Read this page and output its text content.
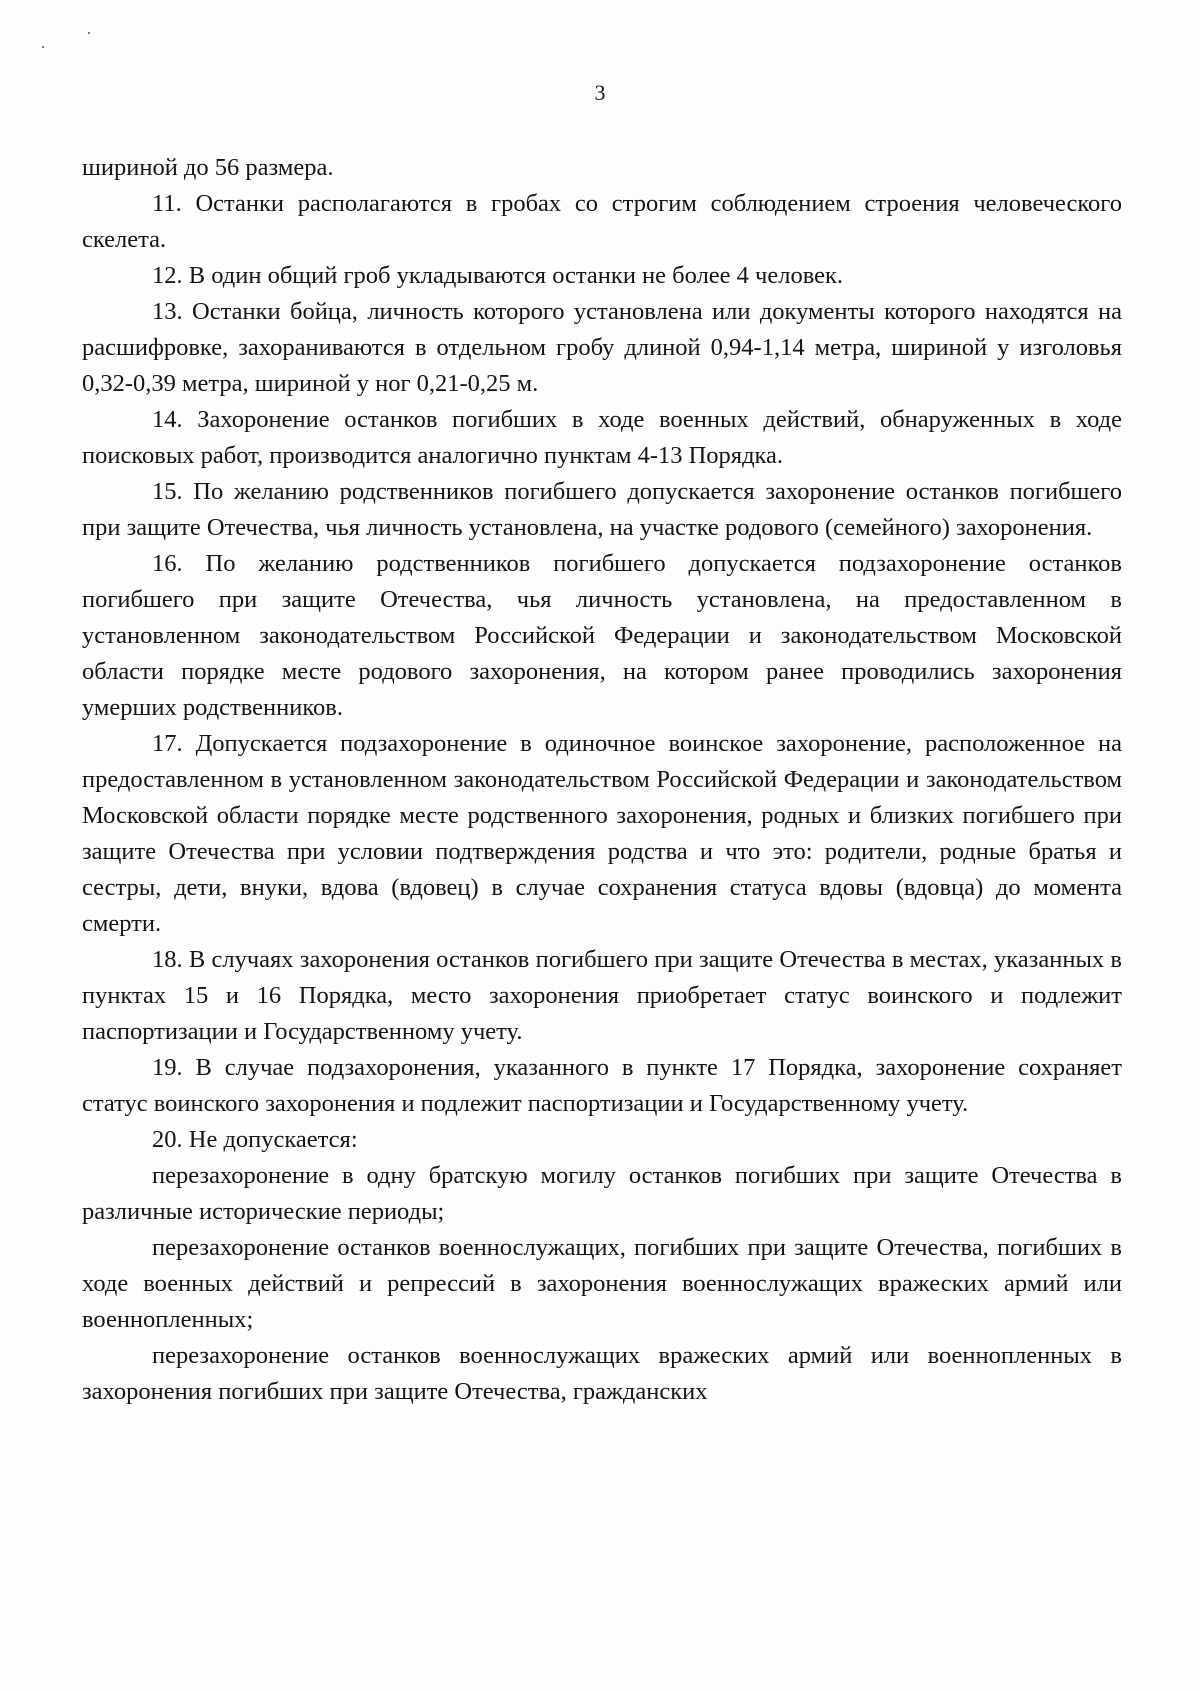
3

шириной до 56 размера.

11. Останки располагаются в гробах со строгим соблюдением строения человеческого скелета.

12. В один общий гроб укладываются останки не более 4 человек.

13. Останки бойца, личность которого установлена или документы которого находятся на расшифровке, захораниваются в отдельном гробу длиной 0,94-1,14 метра, шириной у изголовья 0,32-0,39 метра, шириной у ног 0,21-0,25 м.

14. Захоронение останков погибших в ходе военных действий, обнаруженных в ходе поисковых работ, производится аналогично пунктам 4-13 Порядка.

15. По желанию родственников погибшего допускается захоронение останков погибшего при защите Отечества, чья личность установлена, на участке родового (семейного) захоронения.

16. По желанию родственников погибшего допускается подзахоронение останков погибшего при защите Отечества, чья личность установлена, на предоставленном в установленном законодательством Российской Федерации и законодательством Московской области порядке месте родового захоронения, на котором ранее проводились захоронения умерших родственников.

17. Допускается подзахоронение в одиночное воинское захоронение, расположенное на предоставленном в установленном законодательством Российской Федерации и законодательством Московской области порядке месте родственного захоронения, родных и близких погибшего при защите Отечества при условии подтверждения родства и что это: родители, родные братья и сестры, дети, внуки, вдова (вдовец) в случае сохранения статуса вдовы (вдовца) до момента смерти.

18. В случаях захоронения останков погибшего при защите Отечества в местах, указанных в пунктах 15 и 16 Порядка, место захоронения приобретает статус воинского и подлежит паспортизации и Государственному учету.

19. В случае подзахоронения, указанного в пункте 17 Порядка, захоронение сохраняет статус воинского захоронения и подлежит паспортизации и Государственному учету.

20. Не допускается:

перезахоронение в одну братскую могилу останков погибших при защите Отечества в различные исторические периоды;

перезахоронение останков военнослужащих, погибших при защите Отечества, погибших в ходе военных действий и репрессий в захоронения военнослужащих вражеских армий или военнопленных;

перезахоронение останков военнослужащих вражеских армий или военнопленных в захоронения погибших при защите Отечества, гражданских
